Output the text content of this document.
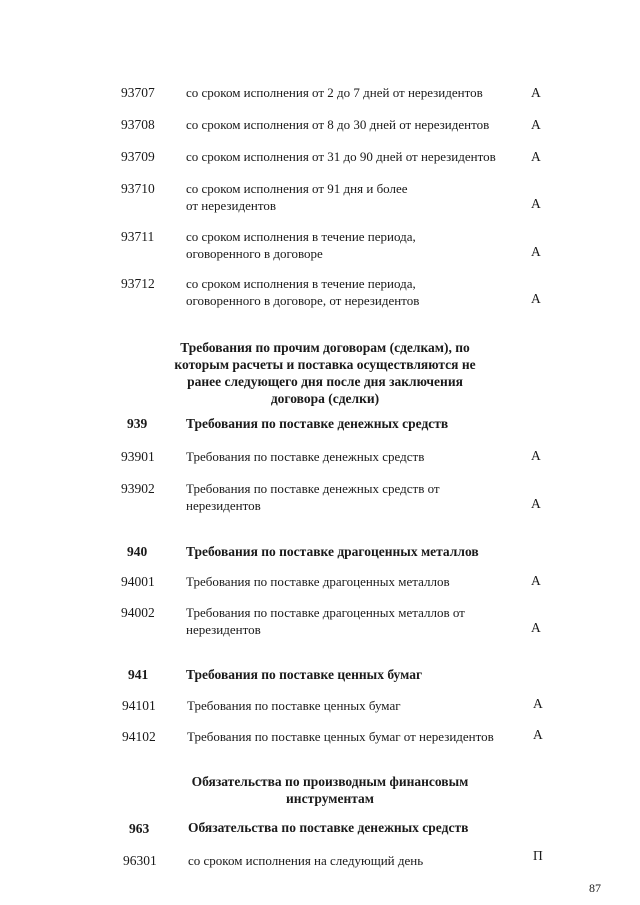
93707 со сроком исполнения от 2 до 7 дней от нерезидентов	А
93708 со сроком исполнения от 8 до 30 дней от нерезидентов	А
93709 со сроком исполнения от 31 до 90 дней от нерезидентов	А
93710 со сроком исполнения от 91 дня и более
от нерезидентов	А
93711 со сроком исполнения в течение периода,
оговоренного в договоре	А
93712 со сроком исполнения в течение периода,
оговоренного в договоре, от нерезидентов	А
Требования по прочим договорам (сделкам), по
которым расчеты и поставка осуществляются не
ранее следующего дня после дня заключения
договора (сделки)
939	Требования по поставке денежных средств
93901 Требования по поставке денежных средств	А
93902 Требования по поставке денежных средств от
нерезидентов	А
940	Требования по поставке драгоценных металлов
94001 Требования по поставке драгоценных металлов	А
94002 Требования по поставке драгоценных металлов от
нерезидентов	А
941	Требования по поставке ценных бумаг
94101 Требования по поставке ценных бумаг	А
94102 Требования по поставке ценных бумаг от нерезидентов	А
Обязательства по производным финансовым
инструментам
963	Обязательства по поставке денежных средств
96301 со сроком исполнения на следующий день	П
87
